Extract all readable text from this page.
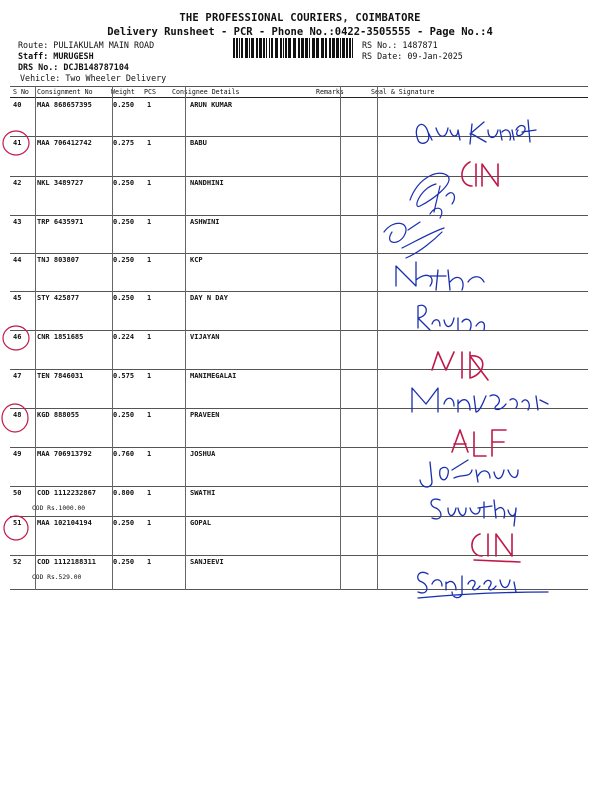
THE PROFESSIONAL COURIERS, COIMBATORE
Delivery Runsheet - PCR - Phone No.:0422-3505555 - Page No.:4
Route: PULIAKULAM MAIN ROAD
Staff: MURUGESH
DRS No.: DCJB148787104
Vehicle: Two Wheeler Delivery
RS No.: 1487871
RS Date: 09-Jan-2025
S No Consignment No	Weight PCS Consignee Details	Remarks	Seal & Signature
40 MAA 868657395	0.250 1	ARUN KUMAR
41 MAA 706412742	0.275 1	BABU
42 NKL 3489727	0.250 1	NANDHINI
43 TRP 6435971	0.250 1	ASHWINI
44 TNJ 803807	0.250 1	KCP
45 STY 425877	0.250 1	DAY N DAY
46 CNR 1851685	0.224 1	VIJAYAN
47 TEN 7846031	0.575 1	MANIMEGALAI
48 KGD 888055	0.250 1	PRAVEEN
49 MAA 706913792	0.760 1	JOSHUA
50 COD 1112232867 0.800 1	SWATHI
COD Rs.1000.00
51 MAA 102104194	0.250 1	GOPAL
52 COD 1112188311 0.250 1	SANJEEVI
COD Rs.529.00
